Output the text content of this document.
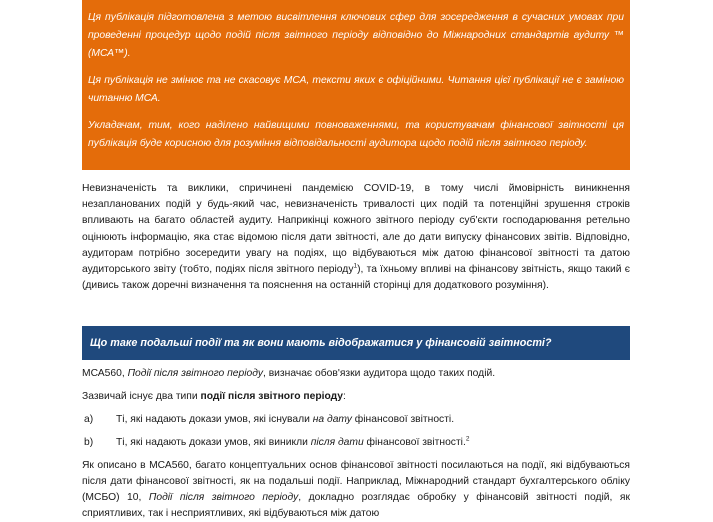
Ця публікація підготовлена з метою висвітлення ключових сфер для зосередження в сучасних умовах при проведенні процедур щодо подій після звітного періоду відповідно до Міжнародних стандартів аудиту ™ (МСА™).

Ця публікація не змінює та не скасовує МСА, тексти яких є офіційними. Читання цієї публікації не є заміною читанню МСА.

Укладачам, тим, кого наділено найвищими повноваженнями, та користувачам фінансової звітності ця публікація буде корисною для розуміння відповідальності аудитора щодо подій після звітного періоду.

Невизначеність та виклики, спричинені пандемією COVID-19, в тому числі ймовірність виникнення незапланованих подій у будь-який час, невизначеність тривалості цих подій та потенційні зрушення строків впливають на багато областей аудиту. Наприкінці кожного звітного періоду суб'єкти господарювання ретельно оцінюють інформацію, яка стає відомою після дати звітності, але до дати випуску фінансових звітів. Відповідно, аудиторам потрібно зосередити увагу на подіях, що відбуваються між датою фінансової звітності та датою аудиторського звіту (тобто, подіях після звітного періоду$^1$), та їхньому впливі на фінансову звітність, якщо такий є (дивись також доречні визначення та пояснення на останній сторінці для додаткового розуміння).

Що таке подальші події та як вони мають відображатися у фінансовій звітності?

МСА560, Події після звітного періоду, визначає обов'язки аудитора щодо таких подій.

Зазвичай існує два типи події після звітного періоду:

a) Ті, які надають докази умов, які існували на дату фінансової звітності.
b) Ті, які надають докази умов, які виникли після дати фінансової звітності.$^2$

Як описано в МСА560, багато концептуальних основ фінансової звітності посилаються на події, які відбуваються після дати фінансової звітності, як на подальші події. Наприклад, Міжнародний стандарт бухгалтерського обліку (МСБО) 10, Події після звітного періоду, докладно розглядає обробку у фінансовій звітності подій, як сприятливих, так і несприятливих, які відбуваються між датою
